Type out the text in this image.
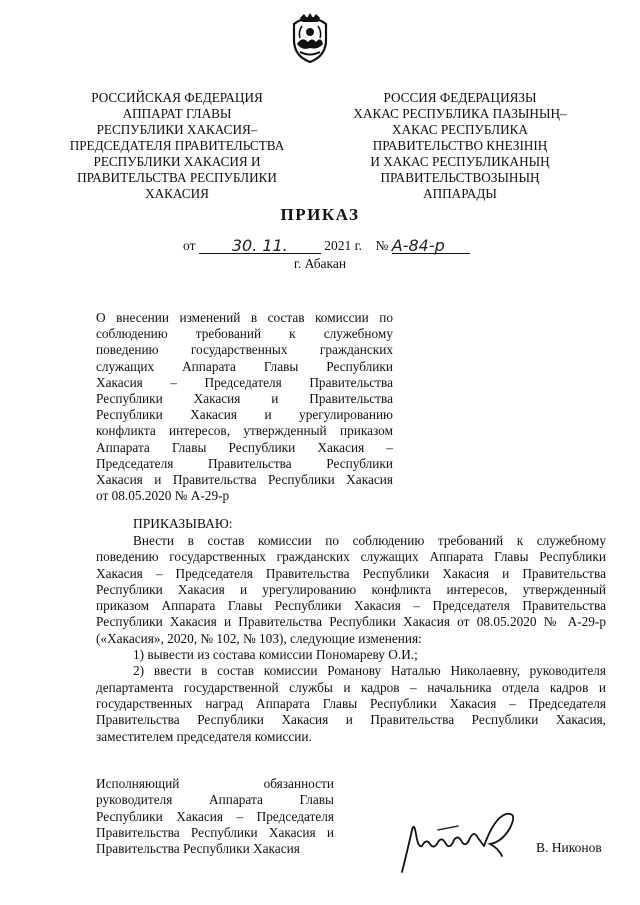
РОССИЙСКАЯ ФЕДЕРАЦИЯ
АППАРАТ ГЛАВЫ
РЕСПУБЛИКИ ХАКАСИЯ–
ПРЕДСЕДАТЕЛЯ ПРАВИТЕЛЬСТВА
РЕСПУБЛИКИ ХАКАСИЯ И
ПРАВИТЕЛЬСТВА РЕСПУБЛИКИ
ХАКАСИЯ
РОССИЯ ФЕДЕРАЦИЯЗЫ
ХАКАС РЕСПУБЛИКА ПАЗЫНЫҢ–
ХАКАС РЕСПУБЛИКА
ПРАВИТЕЛЬСТВО КНЕЗІНІҢ
И ХАКАС РЕСПУБЛИКАНЫҢ
ПРАВИТЕЛЬСТВОЗЫНЫҢ
АППАРАДЫ
ПРИКАЗ
от 30. 11.	2021 г. № А-84-р
г. Абакан

О внесении изменений в состав комиссии по

соблюдению требований к служебному

поведению государственных гражданских

служащих Аппарата Главы Республики

Хакасия – Председателя Правительства

Республики Хакасия и Правительства

Республики Хакасия и урегулированию

конфликта интересов, утвержденный приказом

Аппарата Главы Республики Хакасия –

Председателя Правительства Республики

Хакасия и Правительства Республики Хакасия

от 08.05.2020 № А-29-р

ПРИКАЗЫВАЮ:

Внести в состав комиссии по соблюдению требований к служебному

поведению государственных гражданских служащих Аппарата Главы Республики

Хакасия – Председателя Правительства Республики Хакасия и Правительства

Республики Хакасия и урегулированию конфликта интересов, утвержденный

приказом Аппарата Главы Республики Хакасия – Председателя Правительства

Республики Хакасия и Правительства Республики Хакасия от 08.05.2020 № А-29-р

(«Хакасия», 2020, № 102, № 103), следующие изменения:

1) вывести из состава комиссии Пономареву О.И.;

2) ввести в состав комиссии Романову Наталью Николаевну, руководителя

департамента государственной службы и кадров – начальника отдела кадров и

государственных наград Аппарата Главы Республики Хакасия – Председателя

Правительства Республики Хакасия и Правительства Республики Хакасия,

заместителем председателя комиссии.

Исполняющий обязанности

руководителя Аппарата Главы

Республики Хакасия – Председателя

Правительства Республики Хакасия и

Правительства Республики Хакасия	В. Никонов
